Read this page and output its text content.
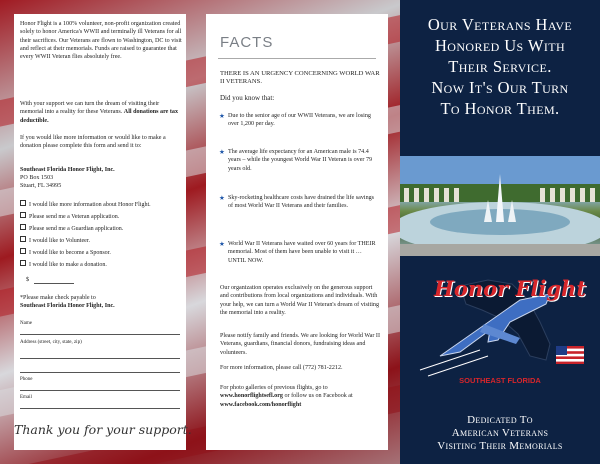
Honor Flight is a 100% volunteer, non-profit organization created solely to honor America's WWII and terminally ill Veterans for all their sacrifices. Our Veterans are flown to Washington, DC to visit and reflect at their memorials. Funds are raised to guarantee that every WWII Veteran flies absolutely free.
With your support we can turn the dream of visiting their memorial into a reality for these Veterans. All donations are tax deductible.
If you would like more information or would like to make a donation please complete this form and send it to:
Southeast Florida Honor Flight, Inc.
PO Box 1503
Stuart, FL 34995
I would like more information about Honor Flight.
Please send me a Veteran application.
Please send me a Guardian application.
I would like to Volunteer.
I would like to become a Sponsor.
I would like to make a donation.
$
*Please make check payable to
Southeast Florida Honor Flight, Inc.
Name
Address (street, city, state, zip)
Phone
Email
Thank you for your support.
FACTS
THERE IS AN URGENCY CONCERNING WORLD WAR II VETERANS.
Did you know that:
★ Due to the senior age of our WWII Veterans, we are losing over 1,200 per day.
★ The average life expectancy for an American male is 74.4 years – while the youngest World War II Veteran is over 79 years old.
★ Sky-rocketing healthcare costs have drained the life savings of most World War II Veterans and their families.
★ World War II Veterans have waited over 60 years for THEIR memorial. Most of them have been unable to visit it … UNTIL NOW.
Our organization operates exclusively on the generous support and contributions from local organizations and individuals. With your help, we can turn a World War II Veteran's dream of visiting the memorial into a reality.
Please notify family and friends. We are looking for World War II Veterans, guardians, financial donors, fundraising ideas and volunteers.
For more information, please call (772) 781-2212.
For photo galleries of previous flights, go to www.honorflightsefl.org or follow us on Facebook at www.facebook.com/honorflight
Our Veterans Have
Honored Us With
Their Service.
Now It's Our Turn
To Honor Them.
Honor Flight
SOUTHEAST FLORIDA
Dedicated To
American Veterans
Visiting Their Memorials
